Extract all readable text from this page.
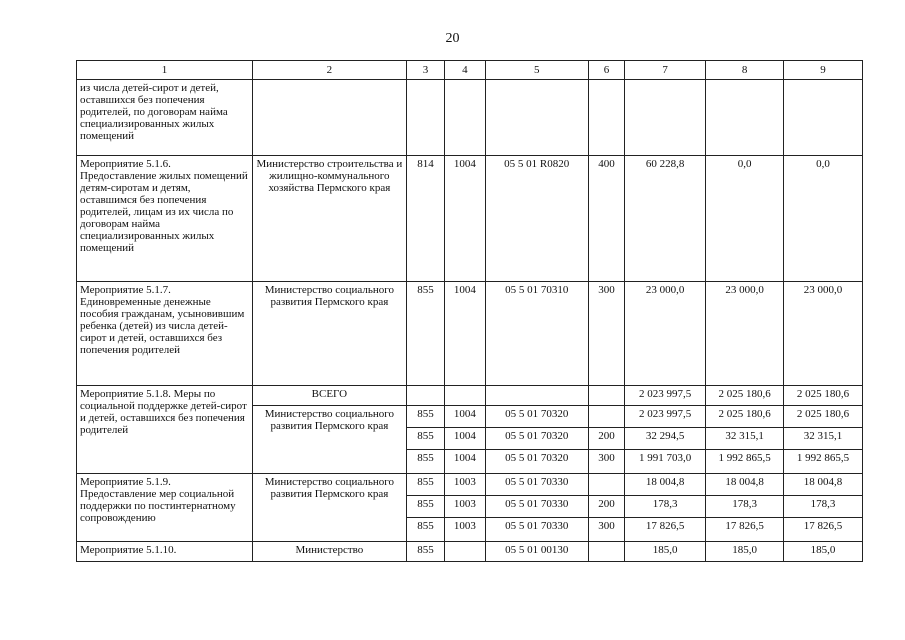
20
1	2	3	4	5	6	7	8	9
из числа детей-сирот и детей, оставшихся без попечения родителей, по договорам найма специализированных жилых помещений								
Мероприятие 5.1.6. Предоставление жилых помещений детям-сиротам и детям, оставшимся без попечения родителей, лицам из их числа по договорам найма специализированных жилых помещений	Министерство строительства и жилищно-коммунального хозяйства Пермского края	814	1004	05 5 01 R0820	400	60 228,8	0,0	0,0
Мероприятие 5.1.7. Единовременные денежные пособия гражданам, усыновившим ребенка (детей) из числа детей-сирот и детей, оставшихся без попечения родителей	Министерство социального развития Пермского края	855	1004	05 5 01 70310	300	23 000,0	23 000,0	23 000,0
Мероприятие 5.1.8. Меры по социальной поддержке детей-сирот и детей, оставшихся без попечения родителей	ВСЕГО					2 023 997,5	2 025 180,6	2 025 180,6
	Министерство социального развития Пермского края	855	1004	05 5 01 70320		2 023 997,5	2 025 180,6	2 025 180,6
		855	1004	05 5 01 70320	200	32 294,5	32 315,1	32 315,1
		855	1004	05 5 01 70320	300	1 991 703,0	1 992 865,5	1 992 865,5
Мероприятие 5.1.9. Предоставление мер социальной поддержки по постинтернатному сопровождению	Министерство социального развития Пермского края	855	1003	05 5 01 70330		18 004,8	18 004,8	18 004,8
		855	1003	05 5 01 70330	200	178,3	178,3	178,3
		855	1003	05 5 01 70330	300	17 826,5	17 826,5	17 826,5
Мероприятие 5.1.10.	Министерство	855		05 5 01 00130		185,0	185,0	185,0
